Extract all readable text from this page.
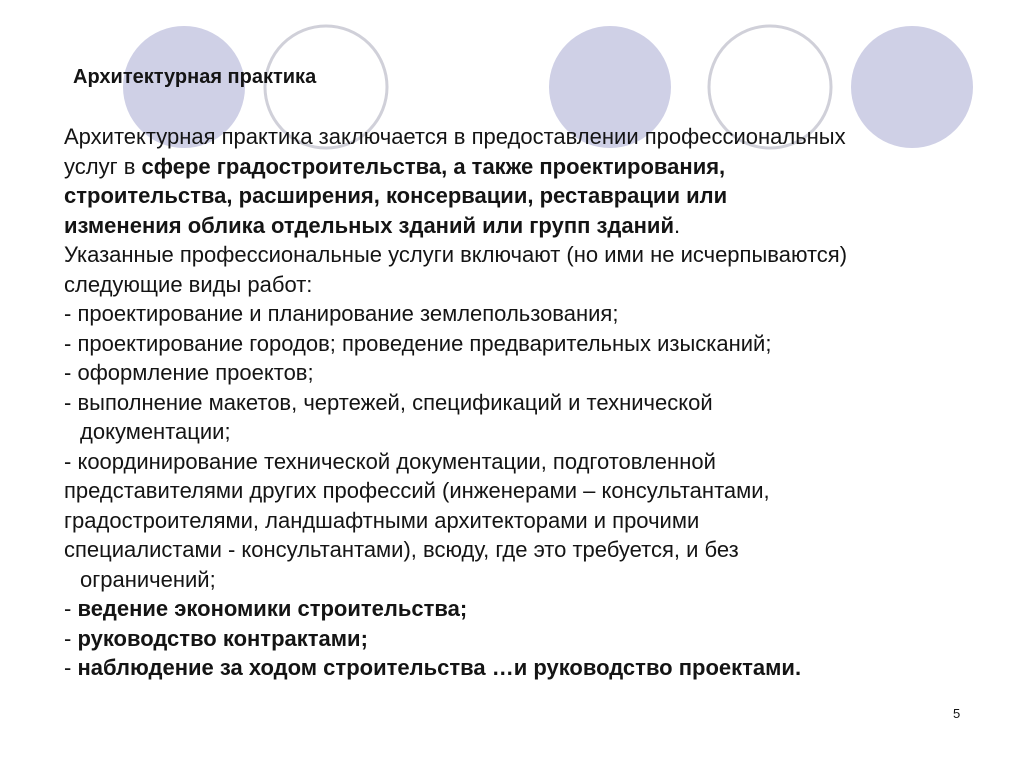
Архитектурная практика
Архитектурная практика заключается в предоставлении профессиональных
услуг в сфере градостроительства, а также проектирования,
строительства, расширения, консервации, реставрации или
изменения облика отдельных зданий или групп зданий.
Указанные профессиональные услуги включают (но ими не исчерпываются)
следующие виды работ:
- проектирование и планирование землепользования;
- проектирование городов; проведение предварительных изысканий;
- оформление проектов;
- выполнение макетов, чертежей, спецификаций и технической
документации;
- координирование технической документации, подготовленной
представителями других профессий (инженерами – консультантами,
градостроителями, ландшафтными архитекторами и прочими
специалистами - консультантами), всюду, где это требуется, и без
ограничений;
- ведение экономики строительства;
- руководство контрактами;
- наблюдение за ходом строительства …и руководство проектами.
5
